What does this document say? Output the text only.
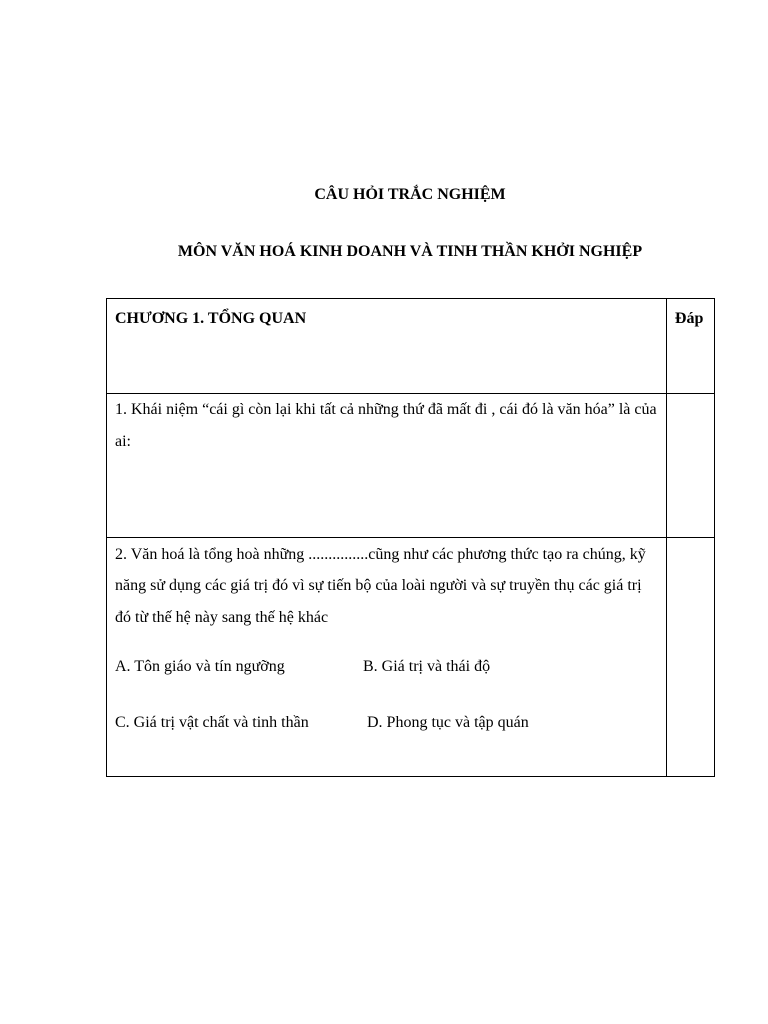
CÂU HỎI TRẮC NGHIỆM
MÔN VĂN HOÁ KINH DOANH VÀ TINH THẦN KHỞI NGHIỆP
CHƯƠNG 1. TỔNG QUAN	Đáp

1. Khái niệm “cái gì còn lại khi tất cả những thứ đã mất đi , cái đó là văn hóa” là của ai:	

2. Văn hoá là tổng hoà những ...............cũng như các phương thức tạo ra chúng, kỹ năng sử dụng các giá trị đó vì sự tiến bộ của loài người và sự truyền thụ các giá trị đó từ thế hệ này sang thế hệ khác
A. Tôn giáo và tín ngưỡng B. Giá trị và thái độ
C. Giá trị vật chất và tinh thần D. Phong tục và tập quán	
